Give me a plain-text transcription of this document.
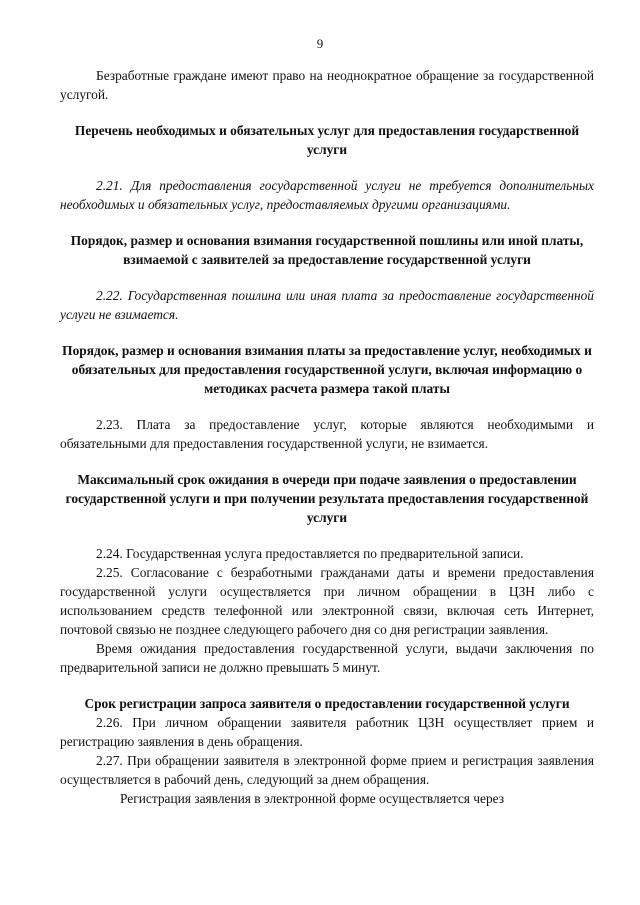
9

Безработные граждане имеют право на неоднократное обращение за государственной услугой.

Перечень необходимых и обязательных услуг для предоставления государственной услуги

2.21. Для предоставления государственной услуги не требуется дополнительных необходимых и обязательных услуг, предоставляемых другими организациями.

Порядок, размер и основания взимания государственной пошлины или иной платы, взимаемой с заявителей за предоставление государственной услуги

2.22. Государственная пошлина или иная плата за предоставление государственной услуги не взимается.

Порядок, размер и основания взимания платы за предоставление услуг, необходимых и обязательных для предоставления государственной услуги, включая информацию о методиках расчета размера такой платы

2.23. Плата за предоставление услуг, которые являются необходимыми и обязательными для предоставления государственной услуги, не взимается.

Максимальный срок ожидания в очереди при подаче заявления о предоставлении государственной услуги и при получении результата предоставления государственной услуги

2.24. Государственная услуга предоставляется по предварительной записи.

2.25. Согласование с безработными гражданами даты и времени предоставления государственной услуги осуществляется при личном обращении в ЦЗН либо с использованием средств телефонной или электронной связи, включая сеть Интернет, почтовой связью не позднее следующего рабочего дня со дня регистрации заявления.

Время ожидания предоставления государственной услуги, выдачи заключения по предварительной записи не должно превышать 5 минут.

Срок регистрации запроса заявителя о предоставлении государственной услуги

2.26. При личном обращении заявителя работник ЦЗН осуществляет прием и регистрацию заявления в день обращения.

2.27. При обращении заявителя в электронной форме прием и регистрация заявления осуществляется в рабочий день, следующий за днем обращения.

Регистрация заявления в электронной форме осуществляется через
